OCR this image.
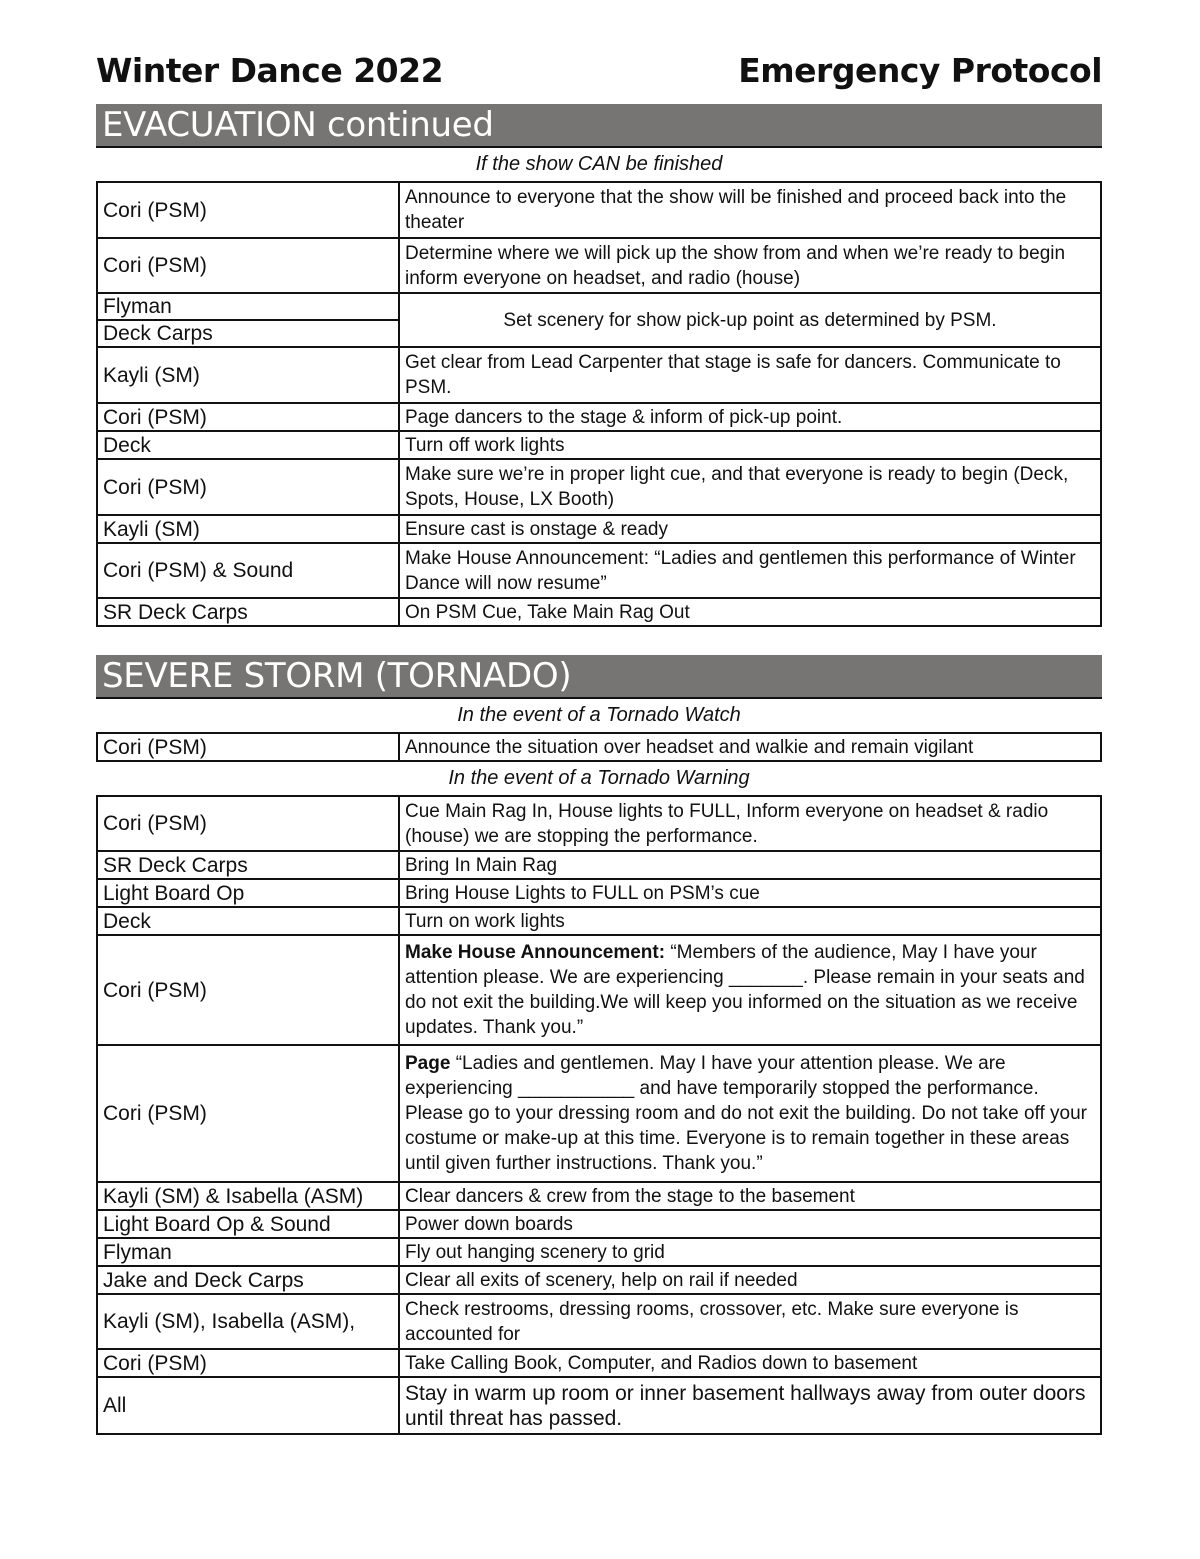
Winter Dance 2022	Emergency Protocol
EVACUATION continued
If the show CAN be finished
Cori (PSM)	Announce to everyone that the show will be finished and proceed back into the theater
Cori (PSM)	Determine where we will pick up the show from and when we’re ready to begin inform everyone on headset, and radio (house)
Flyman	Set scenery for show pick-up point as determined by PSM.
Deck Carps	
Kayli (SM)	Get clear from Lead Carpenter that stage is safe for dancers. Communicate to PSM.
Cori (PSM)	Page dancers to the stage & inform of pick-up point.
Deck	Turn off work lights
Cori (PSM)	Make sure we’re in proper light cue, and that everyone is ready to begin (Deck, Spots, House, LX Booth)
Kayli (SM)	Ensure cast is onstage & ready
Cori (PSM) & Sound	Make House Announcement: “Ladies and gentlemen this performance of Winter Dance will now resume”
SR Deck Carps	On PSM Cue, Take Main Rag Out
SEVERE STORM (TORNADO)
In the event of a Tornado Watch
Cori (PSM)	Announce the situation over headset and walkie and remain vigilant
In the event of a Tornado Warning
Cori (PSM)	Cue Main Rag In, House lights to FULL, Inform everyone on headset & radio (house) we are stopping the performance.
SR Deck Carps	Bring In Main Rag
Light Board Op	Bring House Lights to FULL on PSM’s cue
Deck	Turn on work lights
Cori (PSM)	Make House Announcement: “Members of the audience, May I have your attention please. We are experiencing _______. Please remain in your seats and do not exit the building.We will keep you informed on the situation as we receive updates. Thank you.”
Cori (PSM)	Page “Ladies and gentlemen. May I have your attention please. We are experiencing ___________ and have temporarily stopped the performance. Please go to your dressing room and do not exit the building. Do not take off your costume or make-up at this time. Everyone is to remain together in these areas until given further instructions. Thank you.”
Kayli (SM) & Isabella (ASM)	Clear dancers & crew from the stage to the basement
Light Board Op & Sound	Power down boards
Flyman	Fly out hanging scenery to grid
Jake and Deck Carps	Clear all exits of scenery, help on rail if needed
Kayli (SM), Isabella (ASM),	Check restrooms, dressing rooms, crossover, etc. Make sure everyone is accounted for
Cori (PSM)	Take Calling Book, Computer, and Radios down to basement
All	Stay in warm up room or inner basement hallways away from outer doors until threat has passed.
